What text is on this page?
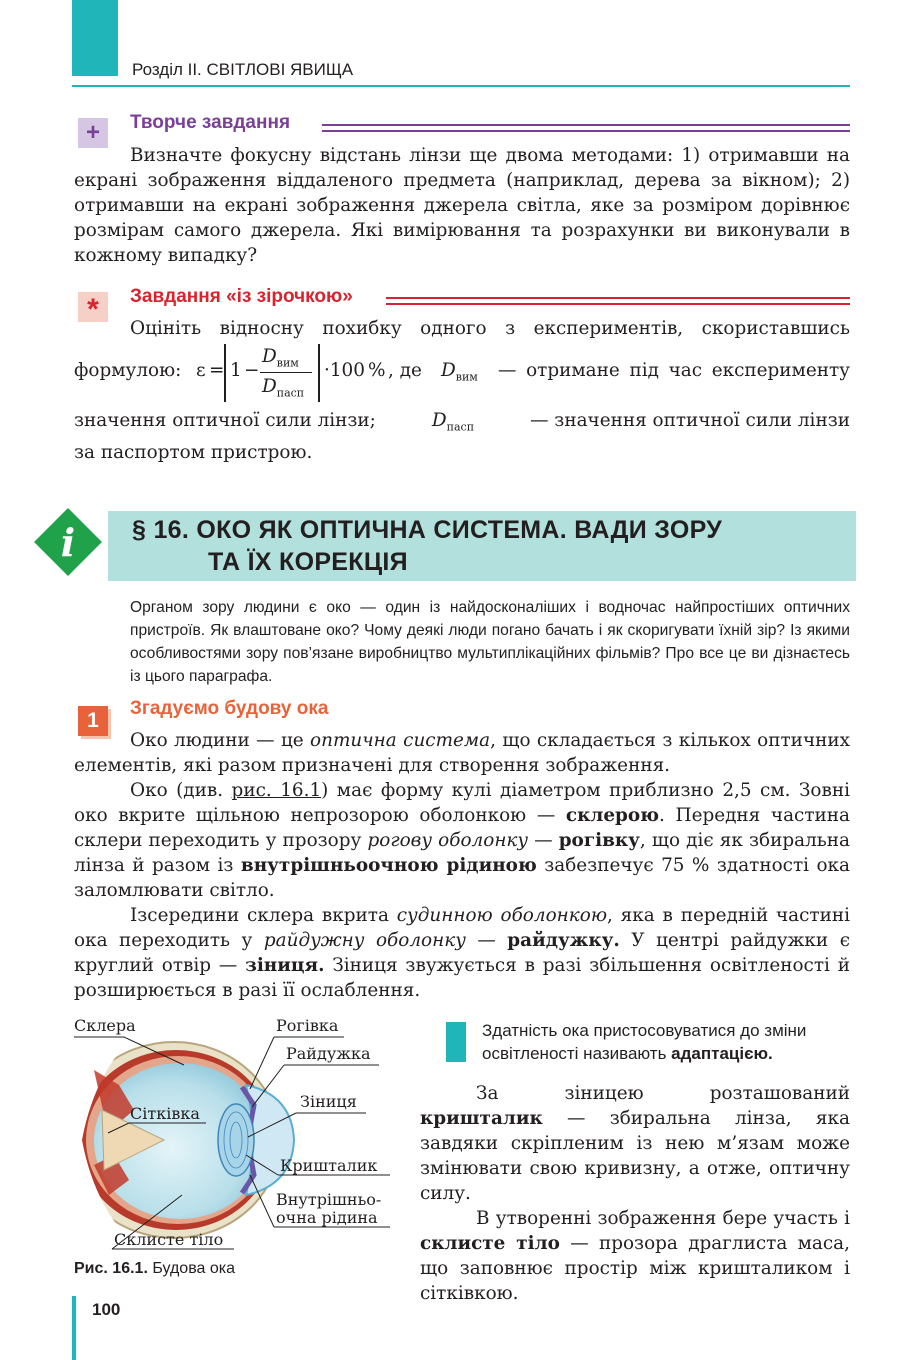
Розділ ІІ. СВІТЛОВІ ЯВИЩА
+	Творче завдання

Визначте фокусну відстань лінзи ще двома методами: 1) отримавши на екрані зображення віддаленого предмета (наприклад, дерева за вікном); 2) отримавши на екрані зображення джерела світла, яке за розміром дорівнює розмірам самого джерела. Які вимірювання та розрахунки ви виконували в кожному випадку?

*	Завдання «із зірочкою»
Оцініть відносну похибку одного з експериментів, скориставшись
формулою: ε = 1 −
$D_{вим}$
$D_{пасп}$
·100 % , де $D_{вим}$ — отримане під час експерименту
значення оптичної сили лінзи;	$D_{пасп}$	— значення оптичної сили лінзи
за паспортом пристрою.
i	§ 16. ОКО ЯК ОПТИЧНА СИСТЕМА. ВАДИ ЗОРУ
ТА ЇХ КОРЕКЦІЯ

Органом зору людини є око — один із найдосконаліших і водночас найпростіших оптичних пристроїв. Як влаштоване око? Чому деякі люди погано бачать і як скоригувати їхній зір? Із якими особливостями зору пов’язане виробництво мультиплікаційних фільмів? Про все це ви дізнаєтесь із цього параграфа.

1
Згадуємо будову ока

Око людини — це оптична система, що складається з кількох оптичних елементів, які разом призначені для створення зображення.

Око (див. рис. 16.1) має форму кулі діаметром приблизно 2,5 см. Зовні око вкрите щільною непрозорою оболонкою — склерою. Передня частина склери переходить у прозору рогову оболонку — рогівку, що діє як збиральна лінза й разом із внутрішньоочною рідиною забезпечує 75 % здатності ока заломлювати світло.

Ізсередини склера вкрита судинною оболонкою, яка в передній частині ока переходить у райдужну оболонку — райдужку. У центрі райдужки є круглий отвір — зіниця. Зіниця звужується в разі збільшення освітленості й розширюється в разі її ослаблення.

Склера	Рогівка
Райдужка
Зіниця
Сітківка
Кришталик
Внутрішньо-
очна рідина
Склисте тіло
Рис. 16.1. Будова ока
Здатність ока пристосовуватися до зміни освітленості називають адаптацією.

За зіницею розташований кришталик — збиральна лінза, яка завдяки скріпленим із нею м’язам може змінювати свою кривизну, а отже, оптичну силу.

В утворенні зображення бере участь і склисте тіло — прозора драглиста маса, що заповнює простір між кришталиком і сітківкою.

100
